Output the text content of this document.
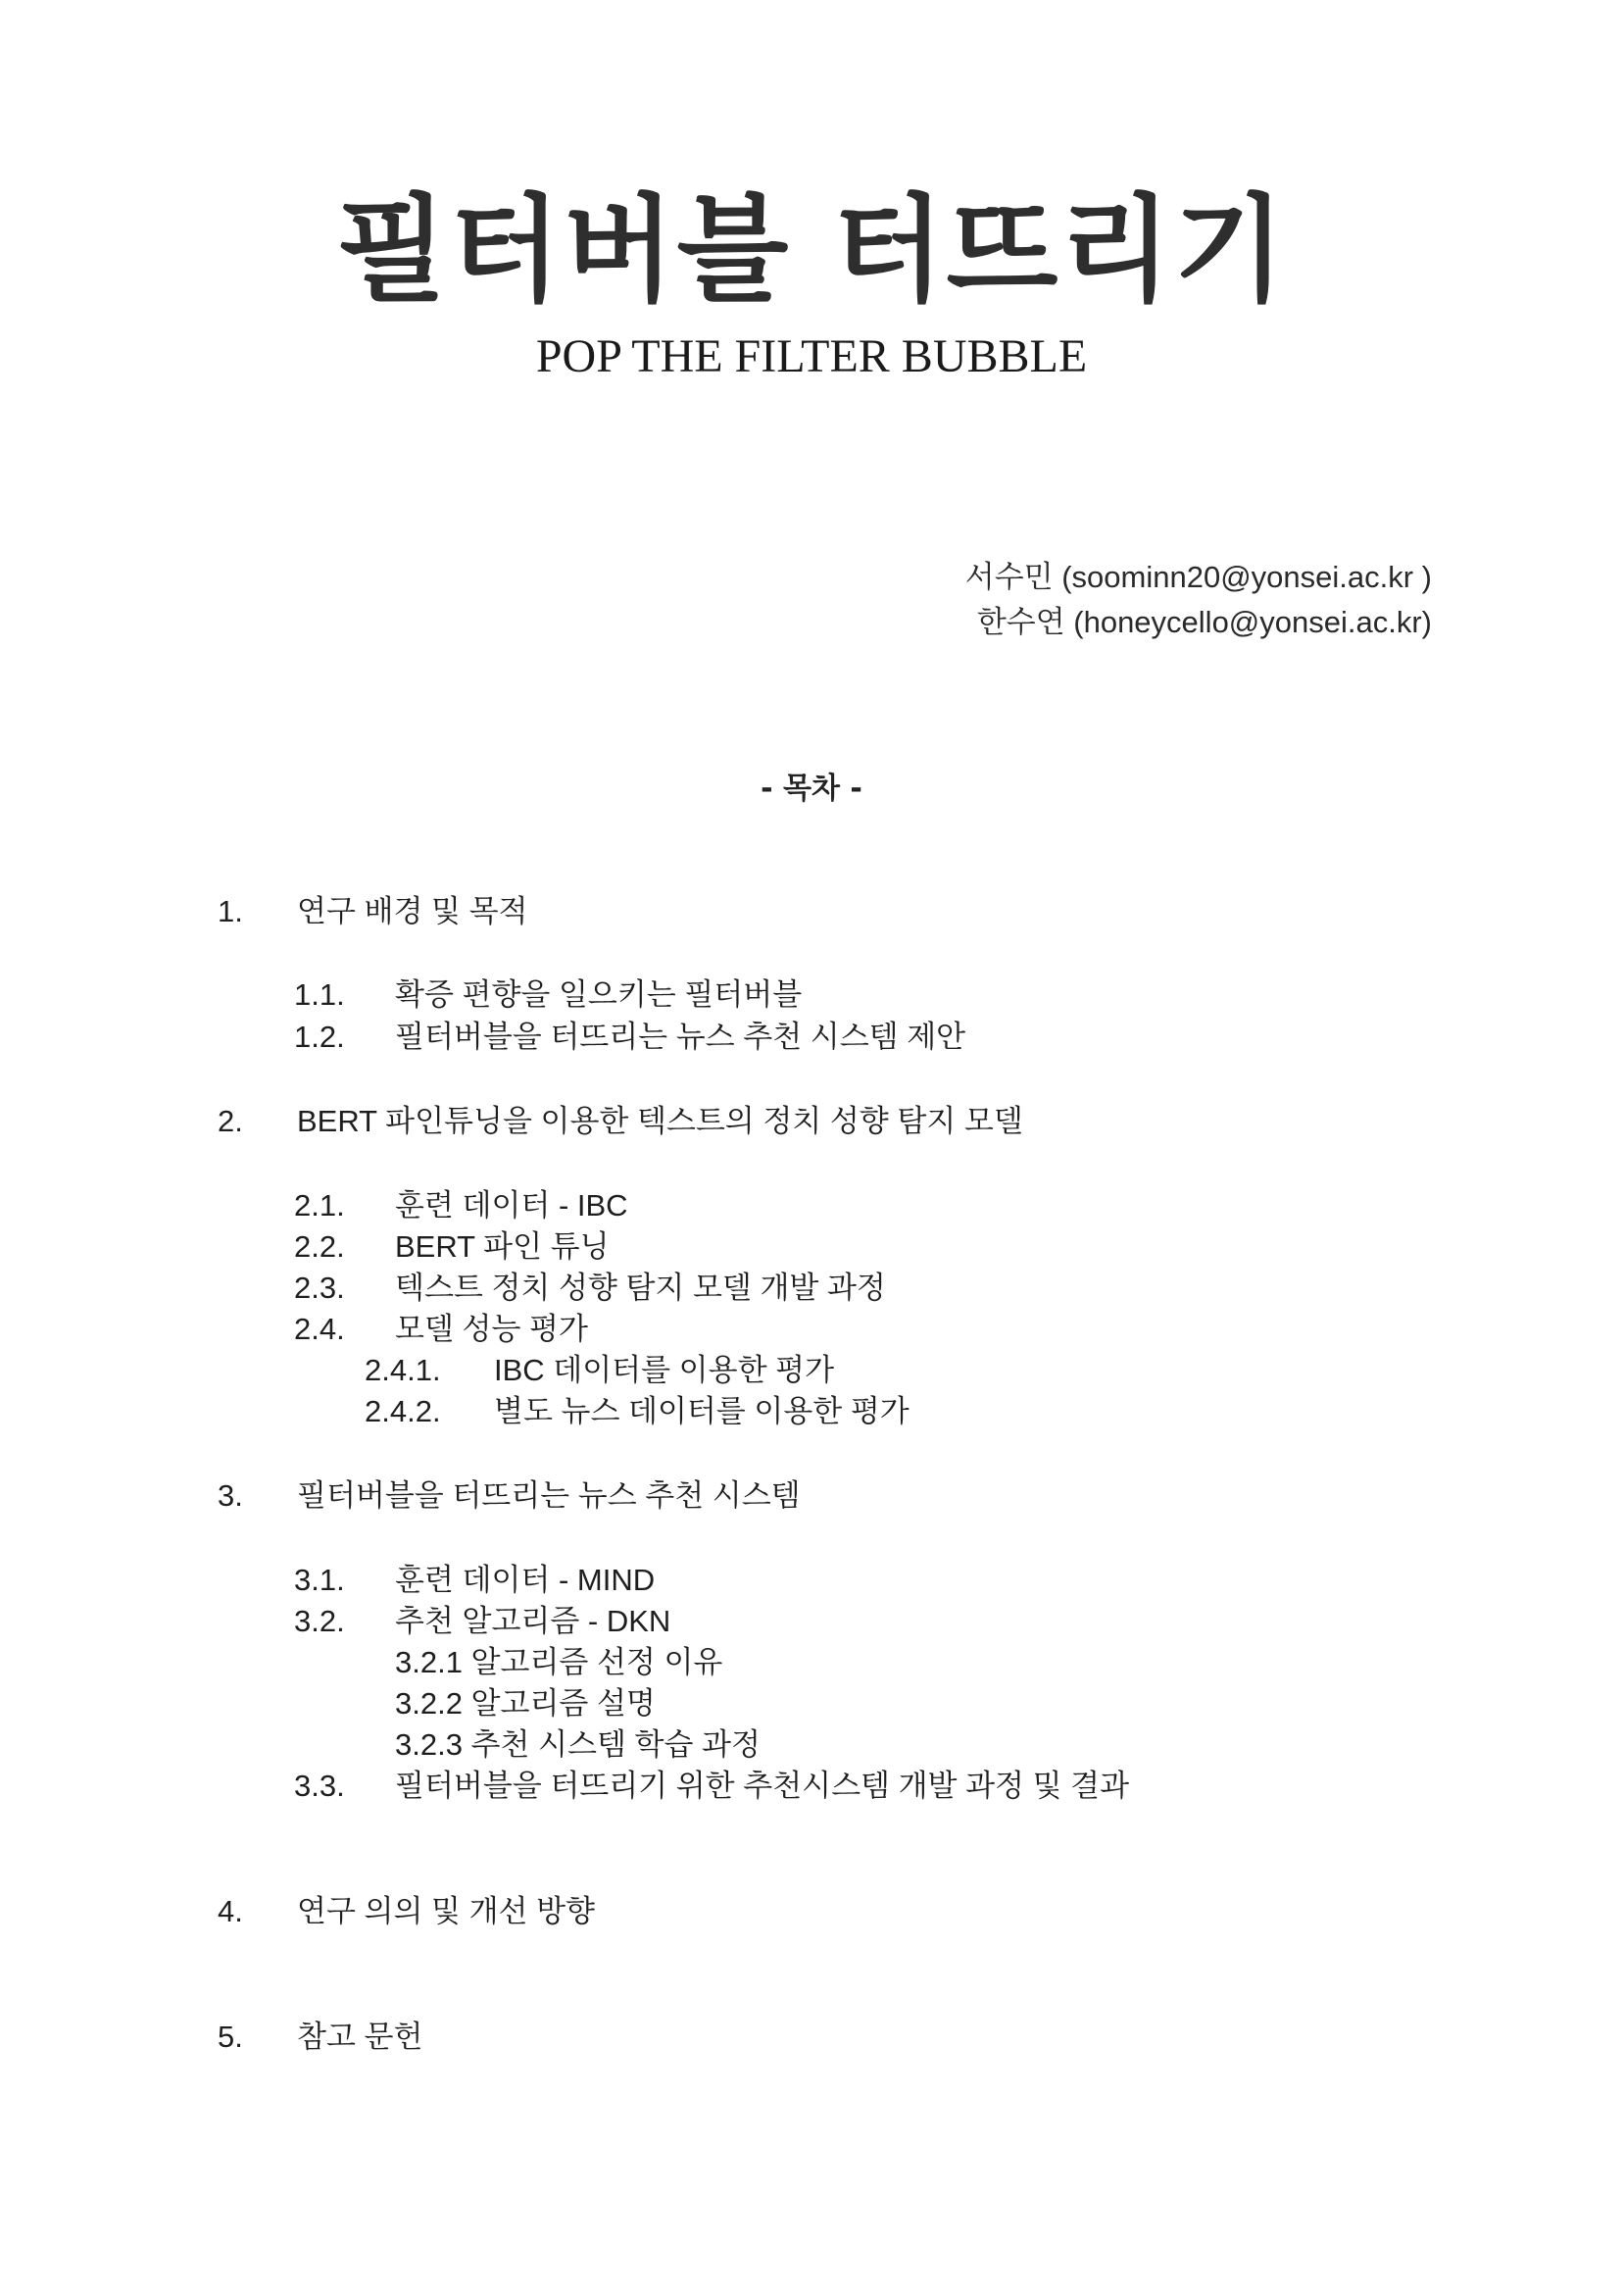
필터버블 터뜨리기
POP THE FILTER BUBBLE
서수민 (soominn20@yonsei.ac.kr )
한수연 (honeycello@yonsei.ac.kr)
- 목차 -
1. 연구 배경 및 목적
1.1. 확증 편향을 일으키는 필터버블
1.2. 필터버블을 터뜨리는 뉴스 추천 시스템 제안
2. BERT 파인튜닝을 이용한 텍스트의 정치 성향 탐지 모델
2.1. 훈련 데이터 - IBC
2.2. BERT 파인 튜닝
2.3. 텍스트 정치 성향 탐지 모델 개발 과정
2.4. 모델 성능 평가
2.4.1. IBC 데이터를 이용한 평가
2.4.2. 별도 뉴스 데이터를 이용한 평가
3. 필터버블을 터뜨리는 뉴스 추천 시스템
3.1. 훈련 데이터 - MIND
3.2. 추천 알고리즘 - DKN
3.2.1 알고리즘 선정 이유
3.2.2 알고리즘 설명
3.2.3 추천 시스템 학습 과정
3.3. 필터버블을 터뜨리기 위한 추천시스템 개발 과정 및 결과
4. 연구 의의 및 개선 방향
5. 참고 문헌
